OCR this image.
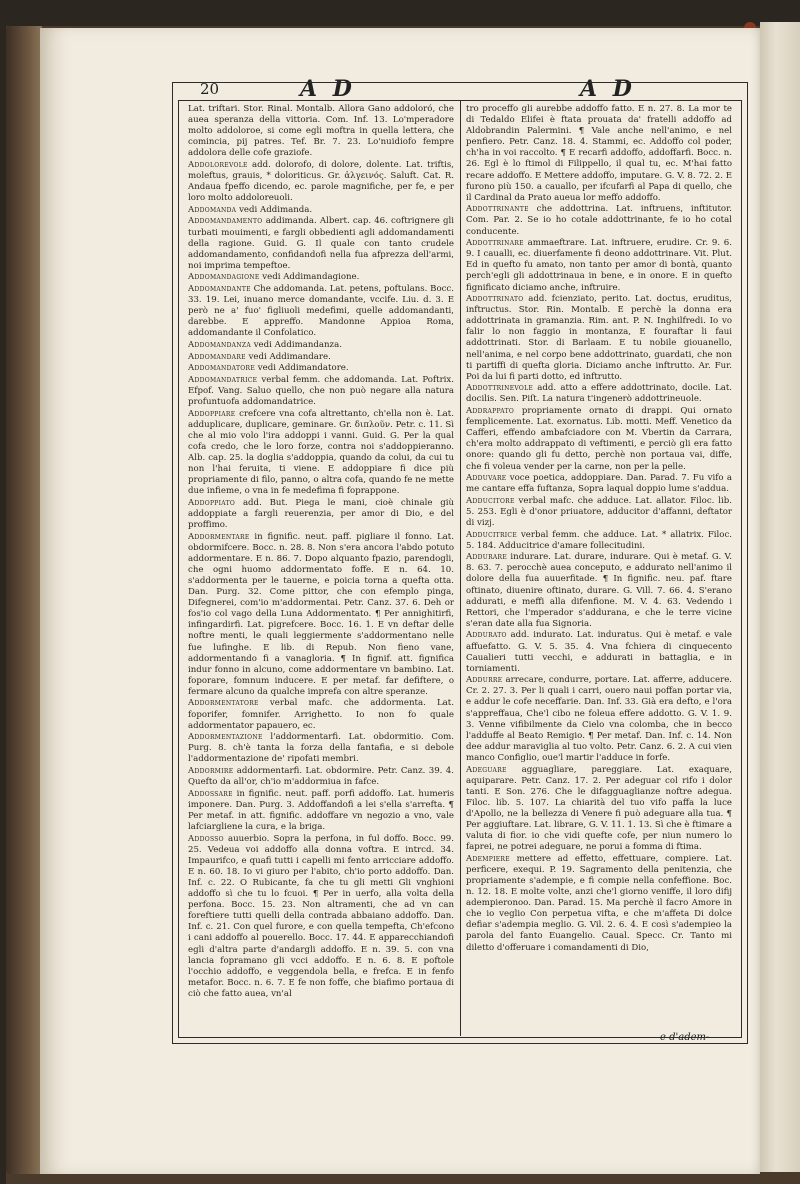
20	A D	A D

Lat. triftari. Stor. Rinal. Montalb. Allora Gano addoloró, che auea speranza della vittoria. Com. Inf. 13. Lo'mperadore molto addoloroe, si come egli moftra in quella lettera, che comincia, pij patres. Tef. Br. 7. 23. Lo'nuidiofo fempre addolora delle cofe graziofe.

Addolorevole add. dolorofo, di dolore, dolente. Lat. triftis, moleftus, grauis, * doloriticus. Gr. ἀλγεινός. Saluft. Cat. R. Andaua fpeffo dicendo, ec. parole magnifiche, per fe, e per loro molto addoloreuoli.

Addomanda vedi Addimanda.

Addomandamento addimanda. Albert. cap. 46. coftrignere gli turbati mouimenti, e fargli obbedienti agli addomandamenti della ragione. Guid. G. Il quale con tanto crudele addomandamento, confidandofi nella fua afprezza dell'armi, noi imprima tempeftoe.

Addomandagione vedi Addimandagione.

Addomandante Che addomanda. Lat. petens, poftulans. Bocc. 33. 19. Lei, inuano merce domandante, vccife. Liu. d. 3. E però ne a' fuo' figliuoli medefimi, quelle addomandanti, darebbe. E appreffo. Mandonne Appioa Roma, addomandante il Confolatico.

Addomandanza vedi Addimandanza.

Addomandare vedi Addimandare.

Addomandatore vedi Addimandatore.

Addomandatrice verbal femm. che addomanda. Lat. Poftrix. Efpof. Vang. Saluo quello, che non può negare alla natura profuntuofa addomandatrice.

Addoppiare crefcere vna cofa altrettanto, ch'ella non è. Lat. adduplicare, duplicare, geminare. Gr. διπλοῦν. Petr. c. 11. Sì che al mio volo l'ira addoppi i vanni. Guid. G. Per la qual cofa credo, che le loro forze, contra noi s'addoppieranno. Alb. cap. 25. la doglia s'addoppia, quando da colui, da cui tu non l'hai feruita, ti viene. E addoppiare fi dice più propriamente di filo, panno, o altra cofa, quando fe ne mette due infieme, o vna in fe medefima fi foprappone.

Addoppiato add. But. Piega le mani, cioè chinale giù addoppiate a fargli reuerenzia, per amor di Dio, e del proffimo.

Addormentare in fignific. neut. paff. pigliare il fonno. Lat. obdormifcere. Bocc. n. 28. 8. Non s'era ancora l'abdo potuto addormentare. E n. 86. 7. Dopo alquanto fpazio, parendogli, che ogni huomo addormentato foffe. E n. 64. 10. s'addormenta per le tauerne, e poicia torna a quefta otta. Dan. Purg. 32. Come pittor, che con efemplo pinga, Difegnerei, com'io m'addormentai. Petr. Canz. 37. 6. Deh or fos'io col vago della Luna Addormentato. ¶ Per annighitirfi, infingardirfi. Lat. pigrefcere. Bocc. 16. 1. E vn deftar delle noftre menti, le quali leggiermente s'addormentano nelle fue lufinghe. E lib. di Repub. Non fieno vane, addormentando fi a vanagloria. ¶ In fignif. att. fignifica indur fonno in alcuno, come addormentare vn bambino. Lat. foporare, fomnum inducere. E per metaf. far defiftere, o fermare alcuno da qualche imprefa con altre speranze.

Addormentatore verbal mafc. che addormenta. Lat. foporifer, fomnifer. Arrighetto. Io non fo quale addormentator papauero, ec.

Addormentazione l'addormentarfi. Lat. obdormitio. Com. Purg. 8. ch'è tanta la forza della fantafia, e si debole l'addormentazione de' ripofati membri.

Addormire addormentarfi. Lat. obdormire. Petr. Canz. 39. 4. Quefto da all'or, ch'io m'addormiua in fafce.

Addossare in fignific. neut. paff. porfi addoffo. Lat. humeris imponere. Dan. Purg. 3. Addoffandofi a lei s'ella s'arrefta. ¶ Per metaf. in att. fignific. addoffare vn negozio a vno, vale lafciargliene la cura, e la briga.

Addosso auuerbio. Sopra la perfona, in ful doffo. Bocc. 99. 25. Vedeua voi addoffo alla donna voftra. E intrcd. 34. Impaurifco, e quafi tutti i capelli mi fento arricciare addoffo. E n. 60. 18. Io vi giuro per l'abito, ch'io porto addoffo. Dan. Inf. c. 22. O Rubicante, fa che tu gli metti Gli vnghioni addoffo sì che tu lo fcuoi. ¶ Per in uerfo, alla volta della perfona. Bocc. 15. 23. Non altramenti, che ad vn can foreftiere tutti quelli della contrada abbaiano addoffo. Dan. Inf. c. 21. Con quel furore, e con quella tempefta, Ch'efcono i cani addoffo al pouerello. Bocc. 17. 44. E apparecchiandofi egli d'altra parte d'andargli addoffo. E n. 39. 5. con vna lancia fopramano gli vcci addoffo. E n. 6. 8. E poftole l'occhio addoffo, e veggendola bella, e frefca. E in fenfo metafor. Bocc. n. 6. 7. E fe non foffe, che biafimo portaua di ciò che fatto auea, vn'al

tro proceffo gli aurebbe addoffo fatto. E n. 27. 8. La mor te di Tedaldo Elifei è ftata prouata da' fratelli addoffo ad Aldobrandin Palermini. ¶ Vale anche nell'animo, e nel penfiero. Petr. Canz. 18. 4. Stammi, ec. Addoffo col poder, ch'ha in voi raccolto. ¶ E recarfi addoffo, addoffarfi. Bocc. n. 26. Egl è lo ftimol di Filippello, il qual tu, ec. M'hai fatto recare addoffo. E Mettere addoffo, imputare. G. V. 8. 72. 2. E furono più 150. a cauallo, per ifcufarfi al Papa di quello, che il Cardinal da Prato aueua lor meffo addoffo.

Addottrinante che addottrina. Lat. inftruens, inftitutor. Com. Par. 2. Se io ho cotale addottrinante, fe io ho cotal conducente.

Addottrinare ammaeftrare. Lat. inftruere, erudire. Cr. 9. 6. 9. I caualli, ec. diuerfamente fi deono addottrinare. Vit. Plut. Ed in quefto fu amato, non tanto per amor di bontà, quanto perch'egli gli addottrinaua in bene, e in onore. E in quefto fignificato diciamo anche, inftruire.

Addottrinato add. fcienziato, perito. Lat. doctus, eruditus, inftructus. Stor. Rin. Montalb. E perchè la donna era addottrinata in gramanzia. Rim. ant. P. N. Inghilfredi. Io vo falir lo non faggio in montanza, E fouraftar li faui addottrinati. Stor. di Barlaam. E tu nobile giouanello, nell'anima, e nel corpo bene addottrinato, guardati, che non ti partiffi di quefta gloria. Diciamo anche inftrutto. Ar. Fur. Poi da lui fi parti dotto, ed inftrutto.

Addottrinevole add. atto a effere addottrinato, docile. Lat. docilis. Sen. Piſt. La natura t'ingenerò addottrineuole.

Addrappato propriamente ornato di drappi. Qui ornato femplicemente. Lat. exornatus. Lib. motti. Meff. Venetico da Cafferi, effendo ambafciadore con M. Vbertin da Carrara, ch'era molto addrappato di veftimenti, e perciò gli era fatto onore: quando gli fu detto, perchè non portaua vai, diffe, che fi voleua vender per la carne, non per la pelle.

Adduvare voce poetica, addoppiare. Dan. Parad. 7. Fu vifo a me cantare effa fuftanza, Sopra laqual doppio lume s'addua.

Adducitore verbal mafc. che adduce. Lat. allator. Filoc. lib. 5. 253. Egli è d'onor priuatore, adducitor d'affanni, deftator di vizj.

Adducitrice verbal femm. che adduce. Lat. * allatrix. Filoc. 5. 184. Adducitrice d'amare follecitudini.

Addurare indurare. Lat. durare, indurare. Qui è metaf. G. V. 8. 63. 7. perocchè auea conceputo, e addurato nell'animo il dolore della fua auuerfitade. ¶ In fignific. neu. paf. ftare oftinato, diuenire oftinato, durare. G. Vill. 7. 66. 4. S'erano addurati, e meffi alla difenfione. M. V. 4. 63. Vedendo i Rettori, che l'mperador s'addurana, e che le terre vicine s'eran date alla fua Signoria.

Addurato add. indurato. Lat. induratus. Qui è metaf. e vale affuefatto. G. V. 5. 35. 4. Vna fchiera di cinquecento Caualieri tutti vecchi, e addurati in battaglia, e in torniamenti.

Addurre arrecare, condurre, portare. Lat. afferre, adducere. Cr. 2. 27. 3. Per li quali i carri, ouero naui poffan portar via, e addur le cofe neceffarie. Dan. Inf. 33. Già era defto, e l'ora s'appreffaua, Che'l cibo ne foleua effere addotto. G. V. 1. 9. 3. Venne vifibilmente da Cielo vna colomba, che in becco l'adduffe al Beato Remigio. ¶ Per metaf. Dan. Inf. c. 14. Non dee addur maraviglia al tuo volto. Petr. Canz. 6. 2. A cui vien manco Configlio, oue'l martir l'adduce in forfe.

Adeguare agguagliare, pareggiare. Lat. exaquare, aquiparare. Petr. Canz. 17. 2. Per adeguar col rifo i dolor tanti. E Son. 276. Che le difagguaglianze noftre adegua. Filoc. lib. 5. 107. La chiarità del tuo vifo paffa la luce d'Apollo, ne la bellezza di Venere fi può adeguare alla tua. ¶ Per aggiuftare. Lat. librare, G. V. 11. 1. 13. Sì che è ftimare a valuta di fior. io che vidi quefte cofe, per niun numero lo faprei, ne potrei adeguare, ne porui a fomma di ftima.

Adempiere mettere ad effetto, effettuare, compiere. Lat. perficere, exequi. P. 19. Sagramento della penitenzia, che propriamente s'adempie, e fi compie nella confeffione. Boc. n. 12. 18. E molte volte, anzi che'l giorno veniffe, il loro difij adempieronoo. Dan. Parad. 15. Ma perchè il facro Amore in che io veglio Con perpetua vifta, e che m'affeta Di dolce defiar s'adempia meglio. G. Vil. 2. 6. 4. E così s'adempieo la parola del fanto Euangelio. Caual. Specc. Cr. Tanto mi diletto d'offeruare i comandamenti di Dio,

e d'adem-
